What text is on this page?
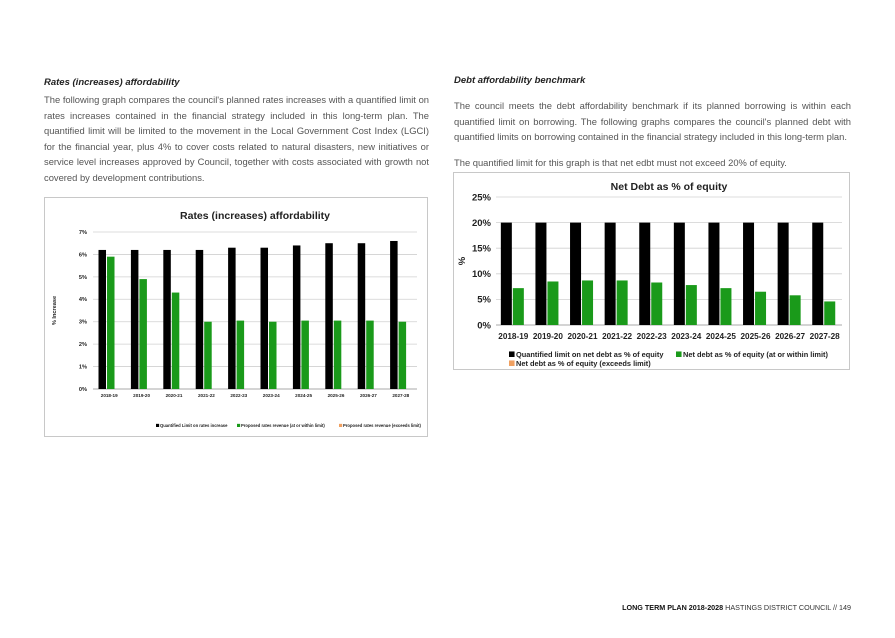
Rates (increases) affordability

The following graph compares the council's planned rates increases with a quantified limit on rates increases contained in the financial strategy included in this long-term plan. The quantified limit will be limited to the movement in the Local Government Cost Index (LGCI) for the financial year, plus 4% to cover costs related to natural disasters, new initiatives or service level increases approved by Council, together with costs associated with growth not covered by development contributions.

Debt affordability benchmark

The council meets the debt affordability benchmark if its planned borrowing is within each quantified limit on borrowing. The following graphs compares the council's planned debt with quantified limits on borrowing contained in the financial strategy included in this long-term plan.

The quantified limit for this graph is that net edbt must not exceed 20% of equity.

Rates (increases) affordability
0%
1%
2%
3%
4%
5%
6%
7%
% Increase
2018-19	2019-20	2020-21	2021-22	2022-23	2023-24	2024-25	2025-26	2026-27	2027-28
Quantified Limit on rates increase	Proposed rates revenue (at or within limit)	Proposed rates revenue (exceeds limit)
Net Debt as % of equity
0%
5%
10%
15%
20%
25%
%
2018-19 2019-20 2020-21 2021-22 2022-23 2023-24 2024-25 2025-26 2026-27 2027-28
Quantified limit on net debt as % of equity	Net debt as % of equity (at or within limit)
Net debt as % of equity (exceeds limit)
LONG TERM PLAN 2018-2028 HASTINGS DISTRICT COUNCIL // 149
